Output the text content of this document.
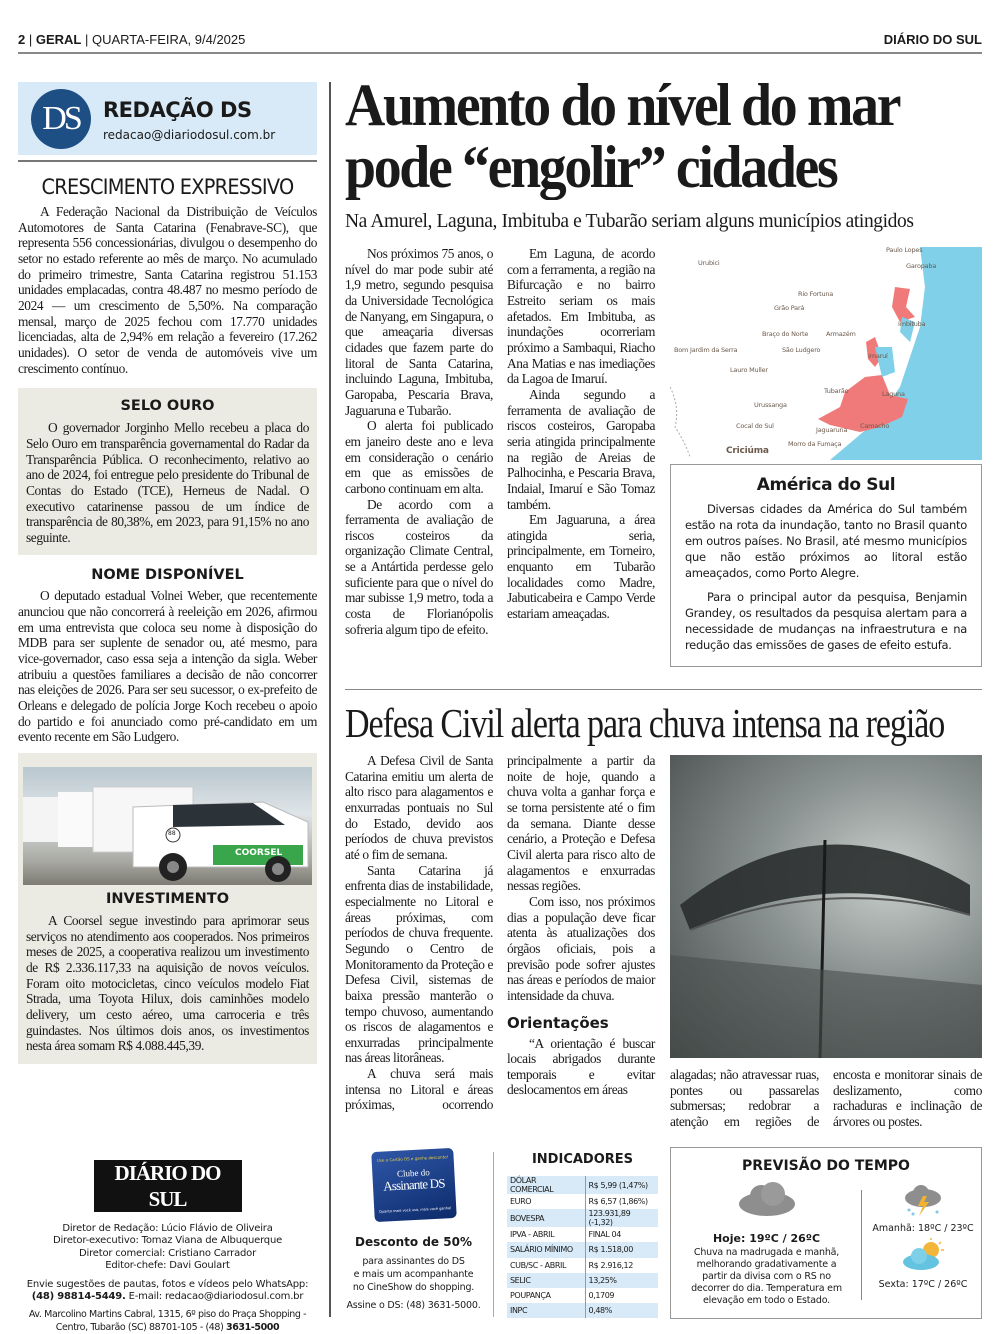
2 | GERAL | QUARTA-FEIRA, 9/4/2025	DIÁRIO DO SUL
DS	REDAÇÃO DS
redacao@diariodosul.com.br
CRESCIMENTO EXPRESSIVO

A Federação Nacional da Distribuição de Veículos Automotores de Santa Catarina (Fenabrave-SC), que representa 556 concessionárias, divulgou o desempenho do setor no estado referente ao mês de março. No acumulado do primeiro trimestre, Santa Catarina registrou 51.153 unidades emplacadas, contra 48.487 no mesmo período de 2024 — um crescimento de 5,50%. Na comparação mensal, março de 2025 fechou com 17.770 unidades licenciadas, alta de 2,94% em relação a fevereiro (17.262 unidades). O setor de venda de automóveis vive um crescimento contínuo.

SELO OURO

O governador Jorginho Mello recebeu a placa do Selo Ouro em transparência governamental do Radar da Transparência Pública. O reconhecimento, relativo ao ano de 2024, foi entregue pelo presidente do Tribunal de Contas do Estado (TCE), Herneus de Nadal. O executivo catarinense passou de um índice de transparência de 80,38%, em 2023, para 91,15% no ano seguinte.

NOME DISPONÍVEL

O deputado estadual Volnei Weber, que recentemente anunciou que não concorrerá à reeleição em 2026, afirmou em uma entrevista que coloca seu nome à disposição do MDB para ser suplente de senador ou, até mesmo, para vice-governador, caso essa seja a intenção da sigla. Weber atribuiu a questões familiares a decisão de não concorrer nas eleições de 2026. Para ser seu sucessor, o ex-prefeito de Orleans e delegado de polícia Jorge Koch recebeu o apoio do partido e foi anunciado como pré-candidato em um evento recente em São Ludgero.

COORSEL
88
INVESTIMENTO

A Coorsel segue investindo para aprimorar seus serviços no atendimento aos cooperados. Nos primeiros meses de 2025, a cooperativa realizou um investimento de R$ 2.336.117,33 na aquisição de novos veículos. Foram oito motocicletas, cinco veículos modelo Fiat Strada, uma Toyota Hilux, dois caminhões modelo delivery, um cesto aéreo, uma carroceria e três guindastes. Nos últimos dois anos, os investimentos nesta área somam R$ 4.088.445,39.

DIÁRIO DO SUL
Diretor de Redação: Lúcio Flávio de Oliveira
Diretor-executivo: Tomaz Viana de Albuquerque
Diretor comercial: Cristiano Carrador
Editor-chefe: Davi Goulart
Envie sugestões de pautas, fotos e vídeos pelo WhatsApp:
(48) 98814-5449. E-mail: redacao@diariodosul.com.br
Av. Marcolino Martins Cabral, 1315, 6º piso do Praça Shopping -
Centro, Tubarão (SC) 88701-105 - (48) 3631-5000
Aumento do nível do mar
pode “engolir” cidades
Na Amurel, Laguna, Imbituba e Tubarão seriam alguns municípios atingidos

Nos próximos 75 anos, o nível do mar pode subir até 1,9 metro, segundo pesquisa da Universidade Tecnológica de Nanyang, em Singapura, o que ameaçaria diversas cidades que fazem parte do litoral de Santa Catarina, incluindo Laguna, Imbituba, Garopaba, Pescaria Brava, Jaguaruna e Tubarão.

O alerta foi publicado em janeiro deste ano e leva em consideração o cenário em que as emissões de carbono continuam em alta.

De acordo com a ferramenta de avaliação de riscos costeiros da organização Climate Central, se a Antártida perdesse gelo suficiente para que o nível do mar subisse 1,9 metro, toda a costa de Florianópolis sofreria algum tipo de efeito.

Em Laguna, de acordo com a ferramenta, a região na Bifurcação e no bairro Estreito seriam os mais afetados. Em Imbituba, as inundações ocorreriam próximo a Sambaqui, Riacho Ana Matias e nas imediações da Lagoa de Imaruí.

Ainda segundo a ferramenta de avaliação de riscos costeiros, Garopaba seria atingida principalmente na região de Areias de Palhocinha, e Pescaria Brava, Indaial, Imaruí e São Tomaz também.

Em Jaguaruna, a área atingida seria, principalmente, em Torneiro, enquanto em Tubarão localidades como Madre, Jabuticabeira e Campo Verde estariam ameaçadas.

Paulo Lopes
Garopaba
Urubici
Rio Fortuna
Grão Pará
Imbituba
Braço do Norte	Armazém
São Ludgero
Bom Jardim da Serra
Imaruí
Lauro Muller
Tubarão	Laguna
Urussanga
Cocal do Sul	Jaguaruna Camacho
Morro da Fumaça
Criciúma
América do Sul

Diversas cidades da América do Sul também estão na rota da inundação, tanto no Brasil quanto em outros países. No Brasil, até mesmo municípios que não estão próximos ao litoral estão ameaçados, como Porto Alegre.

Para o principal autor da pesquisa, Benjamin Grandey, os resultados da pesquisa alertam para a necessidade de mudanças na infraestrutura e na redução das emissões de gases de efeito estufa.

Defesa Civil alerta para chuva intensa na região

A Defesa Civil de Santa Catarina emitiu um alerta de alto risco para alagamentos e enxurradas pontuais no Sul do Estado, devido aos períodos de chuva previstos até o fim de semana.

Santa Catarina já enfrenta dias de instabilidade, especialmente no Litoral e áreas próximas, com períodos de chuva frequente. Segundo o Centro de Monitoramento da Proteção e Defesa Civil, sistemas de baixa pressão manterão o tempo chuvoso, aumentando os riscos de alagamentos e enxurradas principalmente nas áreas litorâneas.

A chuva será mais intensa no Litoral e áreas próximas, ocorrendo principalmente a partir da noite de hoje, quando a chuva volta a ganhar força e se torna persistente até o fim da semana. Diante desse cenário, a Proteção e Defesa Civil alerta para risco alto de alagamentos e enxurradas nessas regiões.

Com isso, nos próximos dias a população deve ficar atenta às atualizações dos órgãos oficiais, pois a previsão pode sofrer ajustes nas áreas e períodos de maior intensidade da chuva.

Orientações

“A orientação é buscar locais abrigados durante temporais e evitar deslocamentos em áreas

alagadas; não atravessar ruas, pontes ou passarelas submersas; redobrar a atenção em regiões de encosta e monitorar sinais de deslizamento, como rachaduras e inclinação de árvores ou postes.

Use o Cartão DS e ganhe desconto!
Clube do
Assinante DS
Quanto mais você usa, mais você ganha!
Desconto de 50%
para assinantes do DS
e mais um acompanhante
no CineShow do shopping.
Assine o DS: (48) 3631-5000.
INDICADORES
DÓLAR COMERCIAL	R$ 5,99 (1,47%)
EURO	R$ 6,57 (1,86%)
BOVESPA	123.931,89 (-1,32)
IPVA - ABRIL	FINAL 04
SALÁRIO MÍNIMO	R$ 1.518,00
CUB/SC - ABRIL	R$ 2.916,12
SELIC	13,25%
POUPANÇA	0,1709
INPC	0,48%
PREVISÃO DO TEMPO
Hoje: 19ºC / 26ºC
Chuva na madrugada e manhã, melhorando gradativamente a partir da divisa com o RS no decorrer do dia. Temperatura em elevação em todo o Estado.
Amanhã: 18ºC / 23ºC
Sexta: 17ºC / 26ºC
